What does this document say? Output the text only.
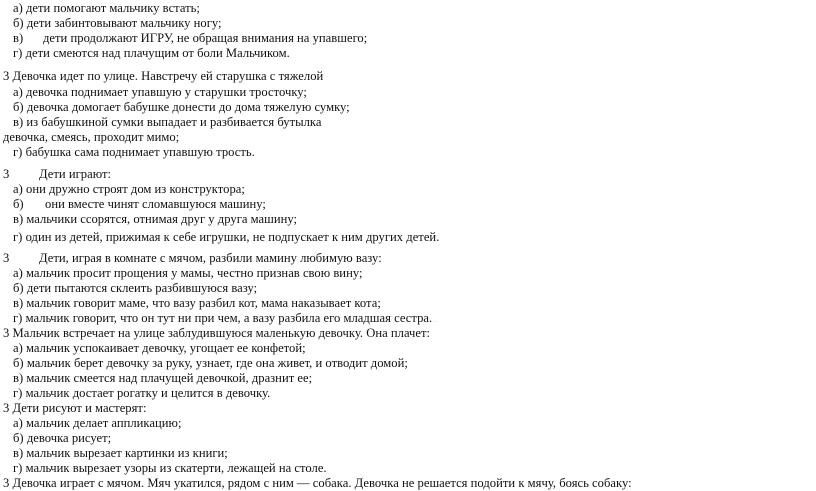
а) дети помогают мальчику встать;
б) дети забинтовывают мальчику ногу;
в) дети продолжают ИГРУ, не обращая внимания на упавшего;
г) дети смеются над плачущим от боли Мальчиком.
3 Девочка идет по улице. Навстречу ей старушка с тяжелой
а) девочка поднимает упавшую у старушки тросточку;
б) девочка домогает бабушке донести до дома тяжелую сумку;
в) из бабушкиной сумки выпадает и разбивается бутылка
девочка, смеясь, проходит мимо;
г) бабушка сама поднимает упавшую трость.
3 Дети играют:
а) они дружно строят дом из конструктора;
б) они вместе чинят сломавшуюся машину;
в) мальчики ссорятся, отнимая друг у друга машину;
г) один из детей, прижимая к себе игрушки, не подпускает к ним других детей.
3 Дети, играя в комнате с мячом, разбили мамину любимую вазу:
а) мальчик просит прощения у мамы, честно признав свою вину;
б) дети пытаются склеить разбившуюся вазу;
в) мальчик говорит маме, что вазу разбил кот, мама наказывает кота;
г) мальчик говорит, что он тут ни при чем, а вазу разбила его младшая сестра...
3 Мальчик встречает на улице заблудившуюся маленькую девочку. Она плачет:
а) мальчик успокаивает девочку, угощает ее конфетой;
б) мальчик берет девочку за руку, узнает, где она живет, и отводит домой;   
в) мальчик смеется над плачущей девочкой, дразнит ее;
г) мальчик достает рогатку и целится в девочку.
3 Дети рисуют и мастерят:
а) мальчик делает аппликацию;
б) девочка рисует;
в) мальчик вырезает картинки из книги;
г) мальчик вырезает узоры из скатерти, лежащей на столе.
3 Девочка играет с мячом. Мяч укатился, рядом с ним — собака. Девочка не решается подойти к мячу, боясь собаку:
